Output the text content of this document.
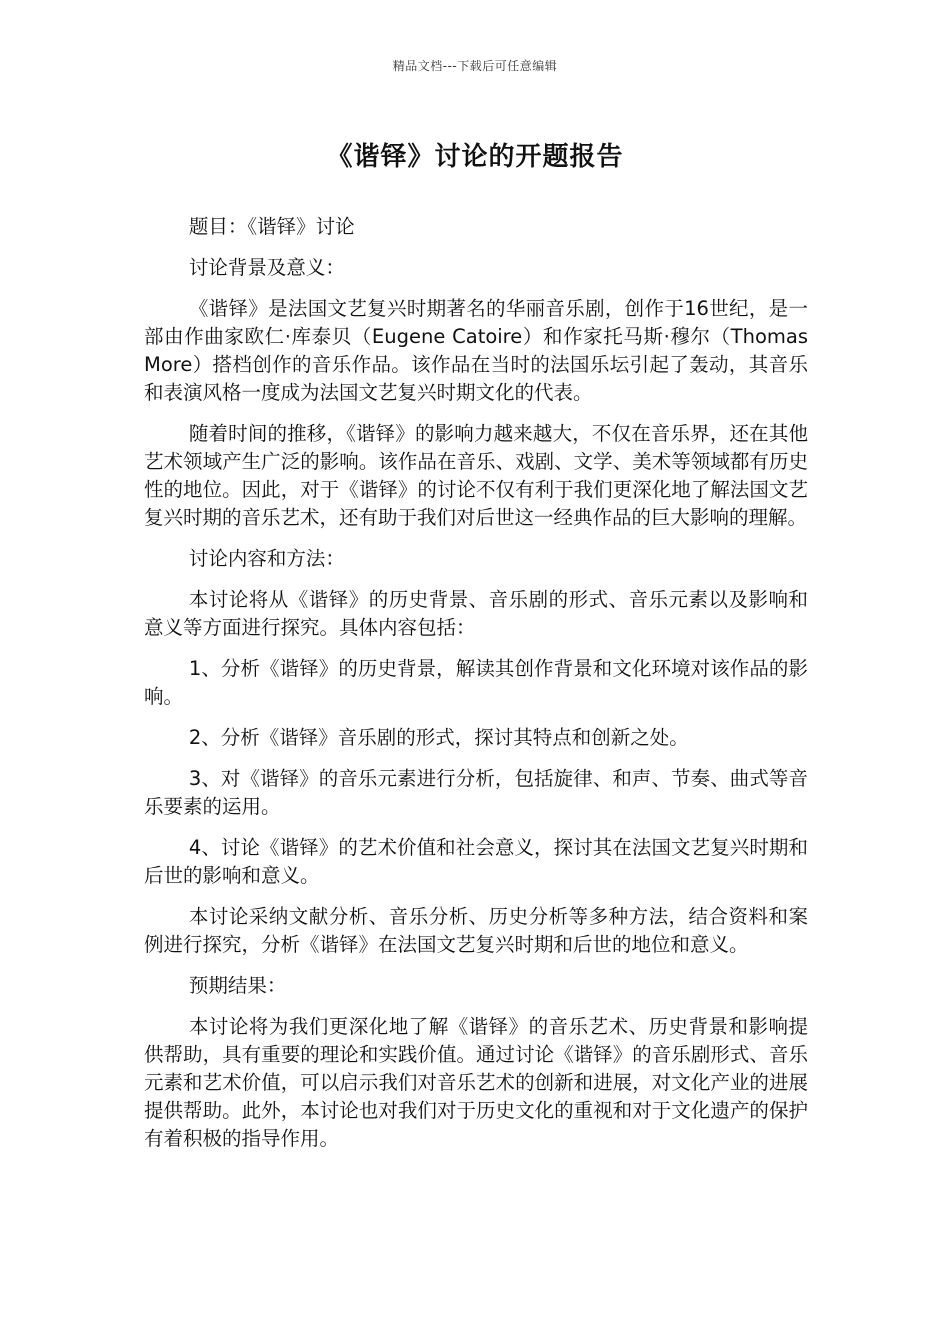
精品文档---下载后可任意编辑
《谐铎》讨论的开题报告

题目：《谐铎》讨论

讨论背景及意义：

《谐铎》是法国文艺复兴时期著名的华丽音乐剧，创作于16世纪，是一部由作曲家欧仁·库泰贝（Eugene Catoire）和作家托马斯·穆尔（Thomas More）搭档创作的音乐作品。该作品在当时的法国乐坛引起了轰动，其音乐和表演风格一度成为法国文艺复兴时期文化的代表。

随着时间的推移，《谐铎》的影响力越来越大，不仅在音乐界，还在其他艺术领域产生广泛的影响。该作品在音乐、戏剧、文学、美术等领域都有历史性的地位。因此，对于《谐铎》的讨论不仅有利于我们更深化地了解法国文艺复兴时期的音乐艺术，还有助于我们对后世这一经典作品的巨大影响的理解。

讨论内容和方法：

本讨论将从《谐铎》的历史背景、音乐剧的形式、音乐元素以及影响和意义等方面进行探究。具体内容包括：

1、分析《谐铎》的历史背景，解读其创作背景和文化环境对该作品的影响。

2、分析《谐铎》音乐剧的形式，探讨其特点和创新之处。

3、对《谐铎》的音乐元素进行分析，包括旋律、和声、节奏、曲式等音乐要素的运用。

4、讨论《谐铎》的艺术价值和社会意义，探讨其在法国文艺复兴时期和后世的影响和意义。

本讨论采纳文献分析、音乐分析、历史分析等多种方法，结合资料和案例进行探究，分析《谐铎》在法国文艺复兴时期和后世的地位和意义。

预期结果：

本讨论将为我们更深化地了解《谐铎》的音乐艺术、历史背景和影响提供帮助，具有重要的理论和实践价值。通过讨论《谐铎》的音乐剧形式、音乐元素和艺术价值，可以启示我们对音乐艺术的创新和进展，对文化产业的进展提供帮助。此外，本讨论也对我们对于历史文化的重视和对于文化遗产的保护有着积极的指导作用。
